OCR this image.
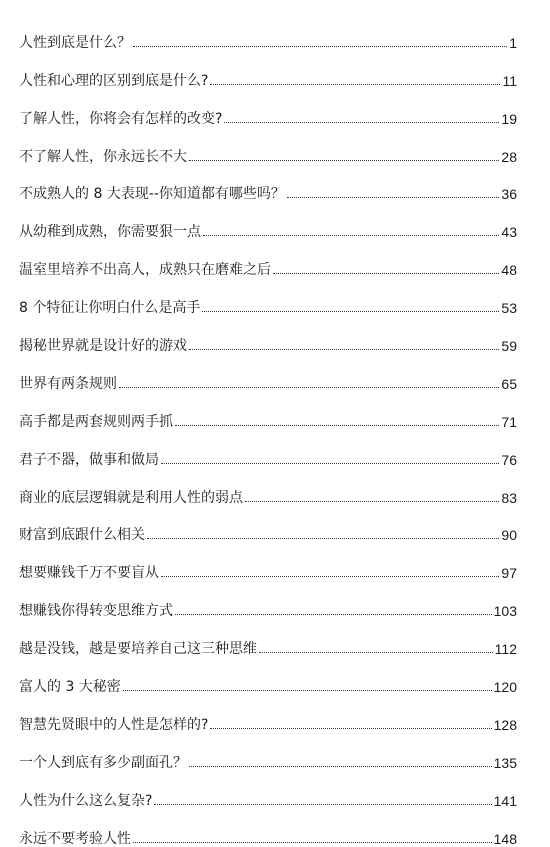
人性到底是什么？	1
人性和心理的区别到底是什么?	11
了解人性，你将会有怎样的改变?	19
不了解人性，你永远长不大	28
不成熟人的 8 大表现--你知道都有哪些吗？	36
从幼稚到成熟，你需要狠一点	43
温室里培养不出高人，成熟只在磨难之后	48
8 个特征让你明白什么是高手	53
揭秘世界就是设计好的游戏	59
世界有两条规则	65
高手都是两套规则两手抓	71
君子不器，做事和做局	76
商业的底层逻辑就是利用人性的弱点	83
财富到底跟什么相关	90
想要赚钱千万不要盲从	97
想赚钱你得转变思维方式	103
越是没钱，越是要培养自己这三种思维	112
富人的 3 大秘密	120
智慧先贤眼中的人性是怎样的?	128
一个人到底有多少副面孔？	135
人性为什么这么复杂?	141
永远不要考验人性	148
